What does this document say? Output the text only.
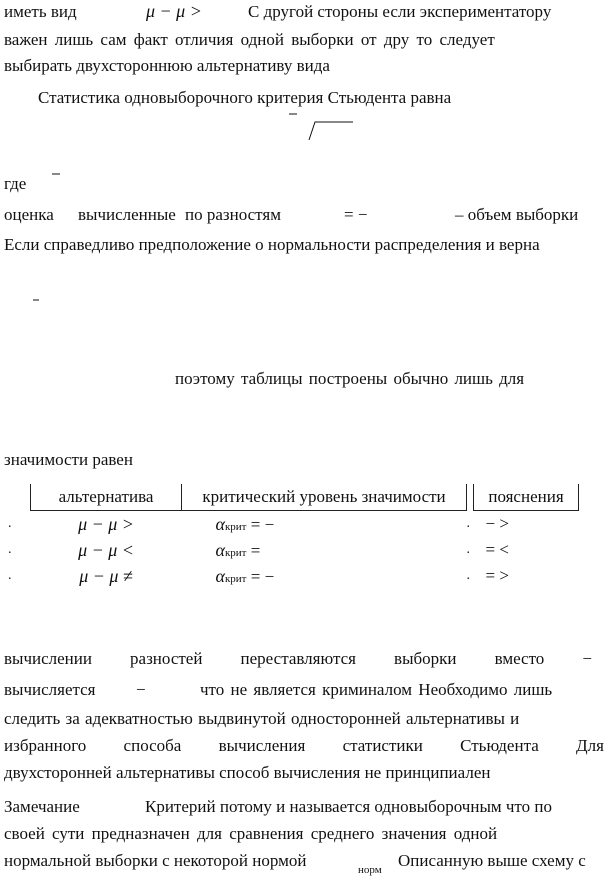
иметь вид	μ − μ >	С другой стороны если экспериментатору
важен лишь сам факт отличия одной выборки от дру то следует
выбирать двухстороннюю альтернативу вида
Статистика одновыборочного критерия Стьюдента равна
где
оценка вычисленные по разностям	= −	– объем выборки
Если справедливо предположение о нормальности распределения и верна
поэтому таблицы построены обычно лишь для
значимости равен
	альтернатива	критический уровень значимости		пояснения
.	μ − μ >	αкрит = −	.	− >
.	μ − μ <	αкрит =	.	= <
.	μ − μ ≠	αкрит = −	.	= >
вычислении разностей переставляются выборки вместо −
вычисляется −	что не является криминалом Необходимо лишь
следить за адекватностью выдвинутой односторонней альтернативы и
избранного способа вычисления статистики Стьюдента Для
двухсторонней альтернативы способ вычисления не принципиален
Замечание	Критерий потому и называется одновыборочным что по
своей сути предназначен для сравнения среднего значения одной
нормальной выборки с некоторой нормой	норм Описанную выше схему с
